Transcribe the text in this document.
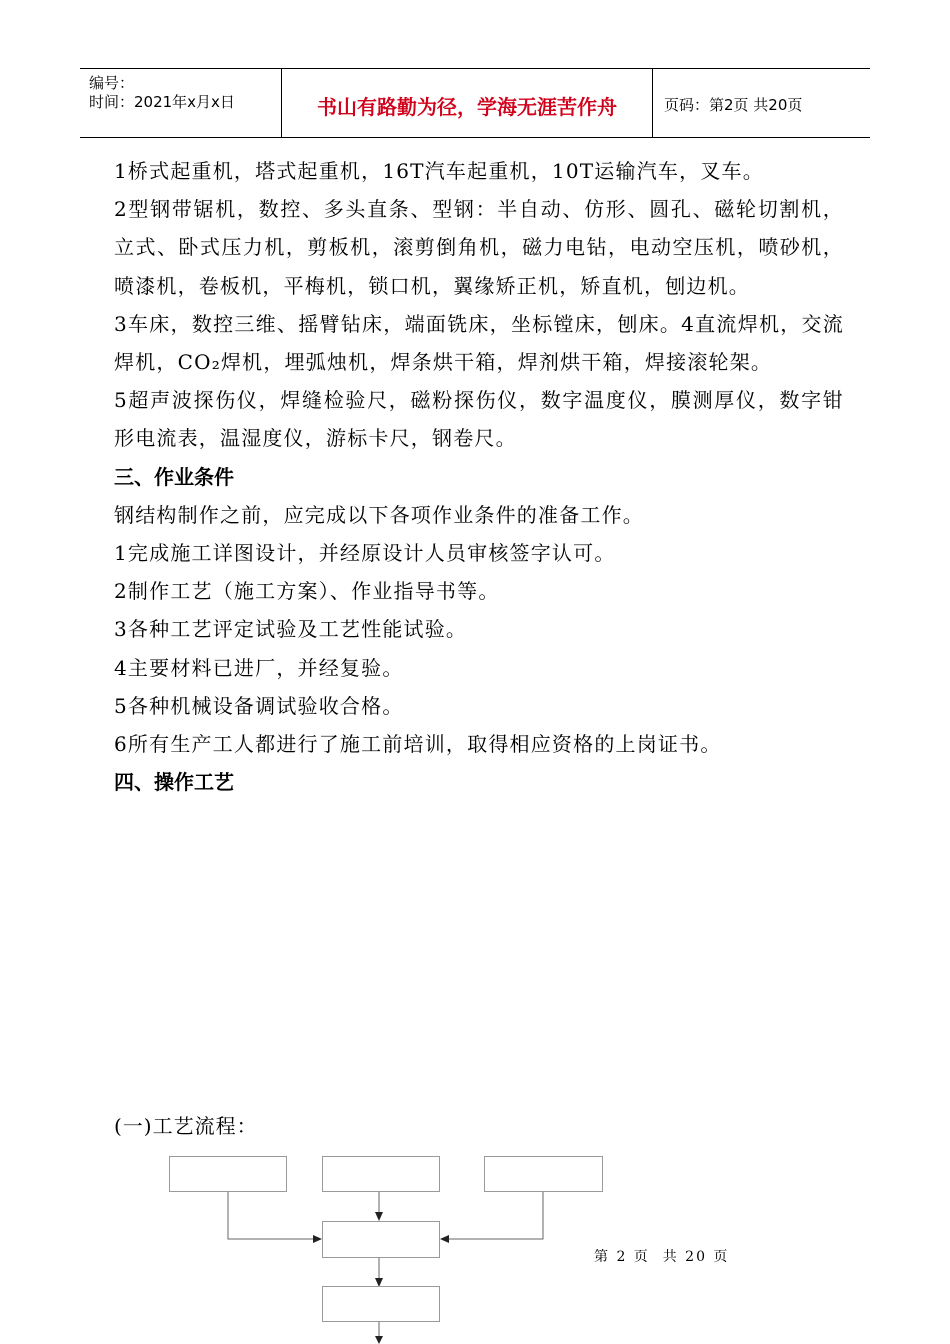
编号：
时间：2021年x月x日	书山有路勤为径，学海无涯苦作舟	页码：第2页 共20页

1桥式起重机，塔式起重机，16T汽车起重机，10T运输汽车，叉车。

2型钢带锯机，数控、多头直条、型钢：半自动、仿形、圆孔、磁轮切割机，立式、卧式压力机，剪板机，滚剪倒角机，磁力电钻，电动空压机，喷砂机，喷漆机，卷板机，平梅机，锁口机，翼缘矫正机，矫直机，刨边机。

3车床，数控三维、摇臂钻床，端面铣床，坐标镗床，刨床。4直流焊机，交流焊机，CO₂焊机，埋弧烛机，焊条烘干箱，焊剂烘干箱，焊接滚轮架。

5超声波探伤仪，焊缝检验尺，磁粉探伤仪，数字温度仪，膜测厚仪，数字钳形电流表，温湿度仪，游标卡尺，钢卷尺。

三、作业条件

钢结构制作之前，应完成以下各项作业条件的准备工作。

1完成施工详图设计，并经原设计人员审核签字认可。

2制作工艺（施工方案）、作业指导书等。

3各种工艺评定试验及工艺性能试验。

4主要材料已进厂，并经复验。

5各种机械设备调试验收合格。

6所有生产工人都进行了施工前培训，取得相应资格的上岗证书。

四、操作工艺

(一)工艺流程：
第 2 页  共 20 页
